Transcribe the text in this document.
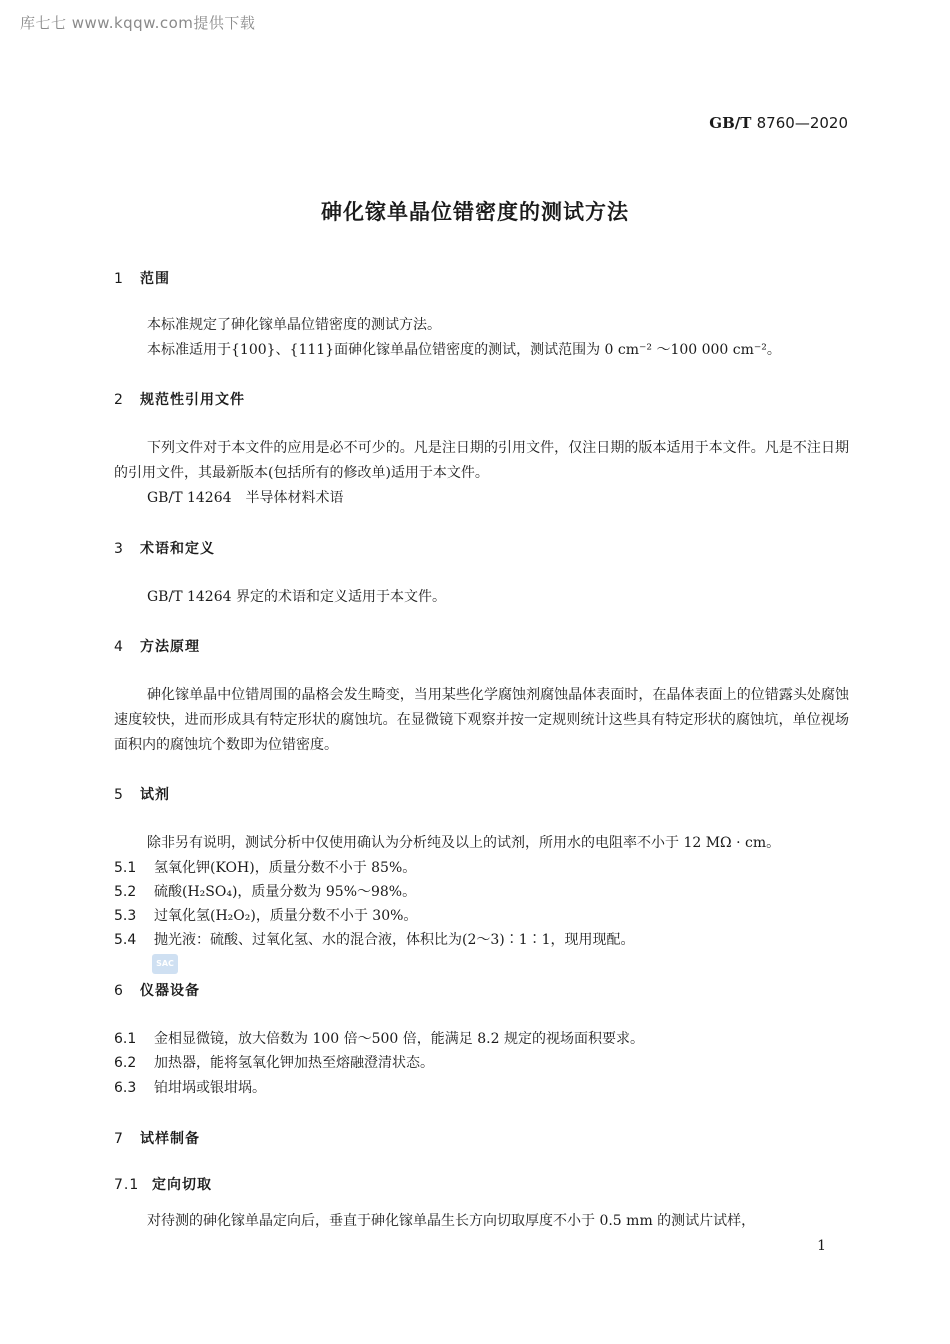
库七七 www.kqqw.com提供下载
GB/T 8760—2020
砷化镓单晶位错密度的测试方法
1 范围
本标准规定了砷化镓单晶位错密度的测试方法。
本标准适用于{100}、{111}面砷化镓单晶位错密度的测试，测试范围为 0 cm⁻² ～100 000 cm⁻²。
2 规范性引用文件
下列文件对于本文件的应用是必不可少的。凡是注日期的引用文件，仅注日期的版本适用于本文件。凡是不注日期的引用文件，其最新版本(包括所有的修改单)适用于本文件。
GB/T 14264　半导体材料术语
3 术语和定义
GB/T 14264 界定的术语和定义适用于本文件。
4 方法原理
砷化镓单晶中位错周围的晶格会发生畸变，当用某些化学腐蚀剂腐蚀晶体表面时，在晶体表面上的位错露头处腐蚀速度较快，进而形成具有特定形状的腐蚀坑。在显微镜下观察并按一定规则统计这些具有特定形状的腐蚀坑，单位视场面积内的腐蚀坑个数即为位错密度。
5 试剂
除非另有说明，测试分析中仅使用确认为分析纯及以上的试剂，所用水的电阻率不小于 12 MΩ · cm。
5.1 氢氧化钾(KOH)，质量分数不小于 85%。
5.2 硫酸(H₂SO₄)，质量分数为 95%～98%。
5.3 过氧化氢(H₂O₂)，质量分数不小于 30%。
5.4 抛光液：硫酸、过氧化氢、水的混合液，体积比为(2～3)∶1∶1，现用现配。
SAC
6 仪器设备
6.1 金相显微镜，放大倍数为 100 倍～500 倍，能满足 8.2 规定的视场面积要求。
6.2 加热器，能将氢氧化钾加热至熔融澄清状态。
6.3 铂坩埚或银坩埚。
7 试样制备
7.1 定向切取
对待测的砷化镓单晶定向后，垂直于砷化镓单晶生长方向切取厚度不小于 0.5 mm 的测试片试样，
1
